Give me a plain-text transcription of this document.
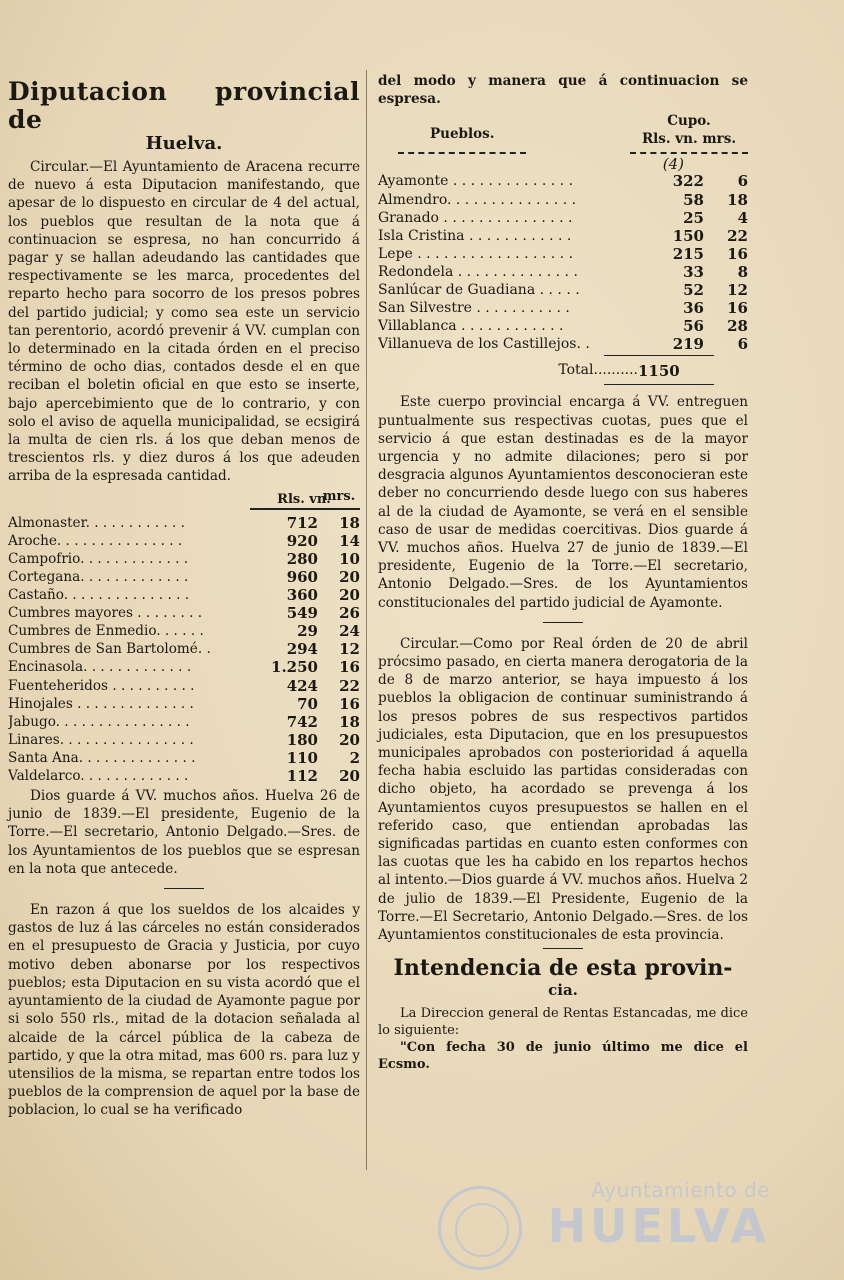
Diputacion provincial de
Huelva.

Circular.—El Ayuntamiento de Aracena recurre de nuevo á esta Diputacion manifestando, que apesar de lo dispuesto en circular de 4 del actual, los pueblos que resultan de la nota que á continuacion se espresa, no han concurrido á pagar y se hallan adeudando las cantidades que respectivamente se les marca, procedentes del reparto hecho para socorro de los presos pobres del partido judicial; y como sea este un servicio tan perentorio, acordó prevenir á VV. cumplan con lo determinado en la citada órden en el preciso término de ocho dias, contados desde el en que reciban el boletin oficial en que esto se inserte, bajo apercebimiento que de lo contrario, y con solo el aviso de aquella municipalidad, se ecsigirá la multa de cien rls. á los que deban menos de trescientos rls. y diez duros á los que adeuden arriba de la espresada cantidad.

Rls. vn.
mrs.
Almonaster. . . . . . . . . . . .	712	18
Aroche. . . . . . . . . . . . . . .	920	14
Campofrio. . . . . . . . . . . . .	280	10
Cortegana. . . . . . . . . . . . .	960	20
Castaño. . . . . . . . . . . . . . .	360	20
Cumbres mayores . . . . . . . .	549	26
Cumbres de Enmedio. . . . . .	29	24
Cumbres de San Bartolomé. .	294	12
Encinasola. . . . . . . . . . . . .	1.250	16
Fuenteheridos . . . . . . . . . .	424	22
Hinojales . . . . . . . . . . . . . .	70	16
Jabugo. . . . . . . . . . . . . . . .	742	18
Linares. . . . . . . . . . . . . . . .	180	20
Santa Ana. . . . . . . . . . . . . .	110	2
Valdelarco. . . . . . . . . . . . .	112	20

Dios guarde á VV. muchos años. Huelva 26 de junio de 1839.—El presidente, Eugenio de la Torre.—El secretario, Antonio Delgado.—Sres. de los Ayuntamientos de los pueblos que se espresan en la nota que antecede.

En razon á que los sueldos de los alcaides y gastos de luz á las cárceles no están considerados en el presupuesto de Gracia y Justicia, por cuyo motivo deben abonarse por los respectivos pueblos; esta Diputacion en su vista acordó que el ayuntamiento de la ciudad de Ayamonte pague por si solo 550 rls., mitad de la dotacion señalada al alcaide de la cárcel pública de la cabeza de partido, y que la otra mitad, mas 600 rs. para luz y utensilios de la misma, se repartan entre todos los pueblos de la comprension de aquel por la base de poblacion, lo cual se ha verificado

del modo y manera que á continuacion se espresa.

Pueblos.
Cupo.
Rls. vn. mrs.
(4)
Ayamonte . . . . . . . . . . . . . .	322	6
Almendro. . . . . . . . . . . . . . .	58	18
Granado . . . . . . . . . . . . . . .	25	4
Isla Cristina . . . . . . . . . . . .	150	22
Lepe . . . . . . . . . . . . . . . . . .	215	16
Redondela . . . . . . . . . . . . . .	33	8
Sanlúcar de Guadiana . . . . .	52	12
San Silvestre . . . . . . . . . . .	36	16
Villablanca . . . . . . . . . . . .	56	28
Villanueva de los Castillejos. .	219	6
Total.......... 1150

Este cuerpo provincial encarga á VV. entreguen puntualmente sus respectivas cuotas, pues que el servicio á que estan destinadas es de la mayor urgencia y no admite dilaciones; pero si por desgracia algunos Ayuntamientos desconocieran este deber no concurriendo desde luego con sus haberes al de la ciudad de Ayamonte, se verá en el sensible caso de usar de medidas coercitivas. Dios guarde á VV. muchos años. Huelva 27 de junio de 1839.—El presidente, Eugenio de la Torre.—El secretario, Antonio Delgado.—Sres. de los Ayuntamientos constitucionales del partido judicial de Ayamonte.

Circular.—Como por Real órden de 20 de abril prócsimo pasado, en cierta manera derogatoria de la de 8 de marzo anterior, se haya impuesto á los pueblos la obligacion de continuar suministrando á los presos pobres de sus respectivos partidos judiciales, esta Diputacion, que en los presupuestos municipales aprobados con posterioridad á aquella fecha habia escluido las partidas consideradas con dicho objeto, ha acordado se prevenga á los Ayuntamientos cuyos presupuestos se hallen en el referido caso, que entiendan aprobadas las significadas partidas en cuanto esten conformes con las cuotas que les ha cabido en los repartos hechos al intento.—Dios guarde á VV. muchos años. Huelva 2 de julio de 1839.—El Presidente, Eugenio de la Torre.—El Secretario, Antonio Delgado.—Sres. de los Ayuntamientos constitucionales de esta provincia.

Intendencia de esta provin-
cia.

La Direccion general de Rentas Estancadas, me dice lo siguiente:

"Con fecha 30 de junio último me dice el Ecsmo.

Ayuntamiento de
HUELVA
